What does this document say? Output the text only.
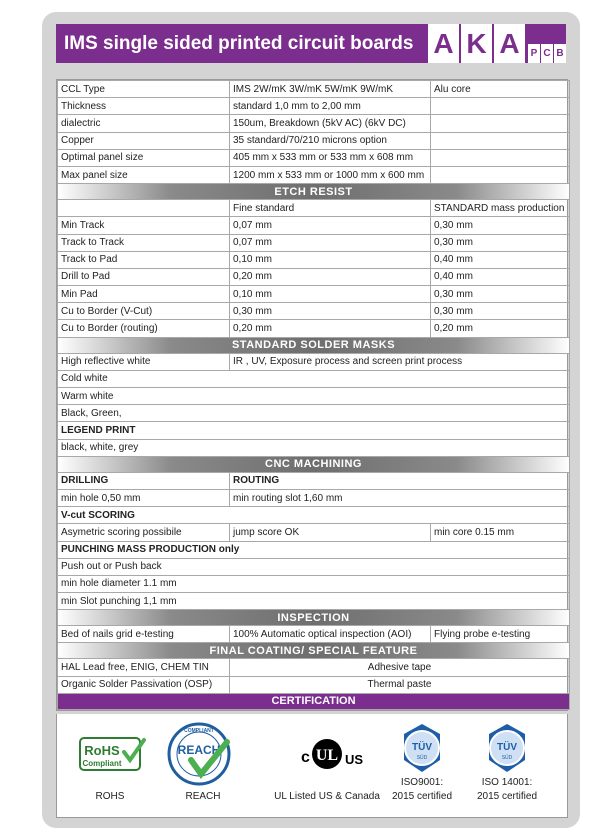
IMS single sided printed circuit boards A K A	P C B
CCL Type	IMS 2W/mK 3W/mK 5W/mK 9W/mK	Alu core
Thickness	standard 1,0 mm to 2,00 mm	
dialectric	150um, Breakdown (5kV AC) (6kV DC)	
Copper	35 standard/70/210 microns option	
Optimal panel size	405 mm x 533 mm or 533 mm x 608 mm	
Max panel size	1200 mm x 533 mm or 1000 mm x 600 mm	
ETCH RESIST		
	Fine standard	STANDARD mass production
Min Track	0,07 mm	0,30 mm
Track to Track	0,07 mm	0,30 mm
Track to Pad	0,10 mm	0,40 mm
Drill to Pad	0,20 mm	0,40 mm
Min Pad	0,10 mm	0,30 mm
Cu to Border (V-Cut)	0,30 mm	0,30 mm
Cu to Border (routing)	0,20 mm	0,20 mm
STANDARD SOLDER MASKS		
High reflective white	IR , UV, Exposure process and screen print process	
Cold white		
Warm white		
Black, Green,		
LEGEND PRINT		
black, white, grey		
CNC MACHINING		
DRILLING	ROUTING	
min hole 0,50 mm	min routing slot 1,60 mm	
V-cut SCORING		
Asymetric scoring possibile	jump score OK	min core 0.15 mm
PUNCHING MASS PRODUCTION only		
Push out or Push back		
min hole diameter 1.1 mm		
min Slot punching 1,1 mm		
INSPECTION		
Bed of nails grid e-testing	100% Automatic optical inspection (AOI)	Flying probe e-testing
FINAL COATING/ SPECIAL FEATURE		
HAL Lead free, ENIG, CHEM TIN	Adhesive tape	
Organic Solder Passivation (OSP)	Thermal paste	
CERTIFICATION		
RoHS
Compliant
ROHS
COMPLIANT
REACH
REACH
c UL US
UL Listed US & Canada
TÜV
SÜD
ISO9001:
2015 certified
TÜV
SÜD
ISO 14001:
2015 certified
